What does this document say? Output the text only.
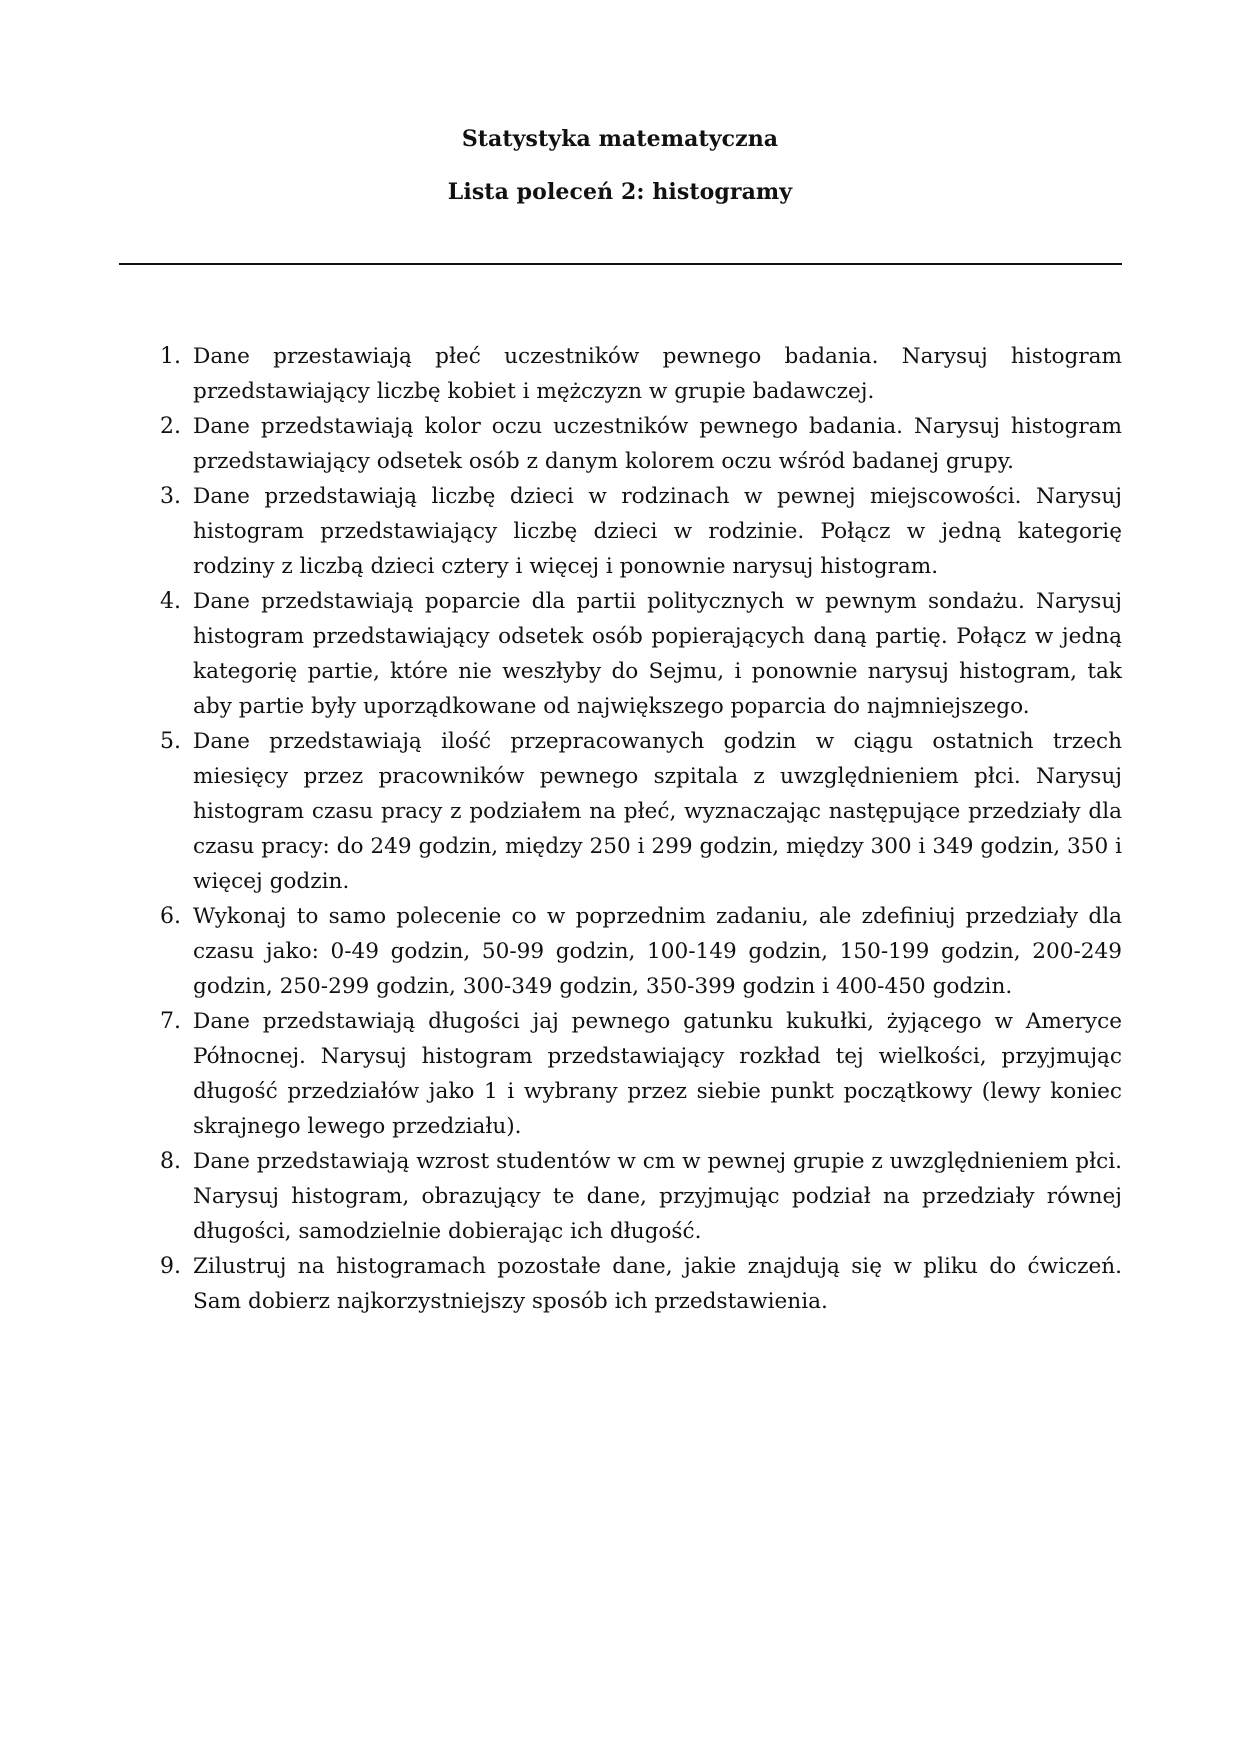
Statystyka matematyczna
Lista poleceń 2: histogramy
1. Dane przestawiają płeć uczestników pewnego badania. Narysuj histogram przedstawiający liczbę kobiet i mężczyzn w grupie badawczej.
2. Dane przedstawiają kolor oczu uczestników pewnego badania. Narysuj histogram przedstawiający odsetek osób z danym kolorem oczu wśród badanej grupy.
3. Dane przedstawiają liczbę dzieci w rodzinach w pewnej miejscowości. Narysuj histogram przedstawiający liczbę dzieci w rodzinie. Połącz w jedną kategorię rodziny z liczbą dzieci cztery i więcej i ponownie narysuj histogram.
4. Dane przedstawiają poparcie dla partii politycznych w pewnym sondażu. Narysuj histogram przedstawiający odsetek osób popierających daną partię. Połącz w jedną kategorię partie, które nie weszłyby do Sejmu, i ponownie narysuj histogram, tak aby partie były uporządkowane od największego poparcia do najmniejszego.
5. Dane przedstawiają ilość przepracowanych godzin w ciągu ostatnich trzech miesięcy przez pracowników pewnego szpitala z uwzględnieniem płci. Narysuj histogram czasu pracy z podziałem na płeć, wyznaczając następujące przedziały dla czasu pracy: do 249 godzin, między 250 i 299 godzin, między 300 i 349 godzin, 350 i więcej godzin.
6. Wykonaj to samo polecenie co w poprzednim zadaniu, ale zdefiniuj przedziały dla czasu jako: 0-49 godzin, 50-99 godzin, 100-149 godzin, 150-199 godzin, 200-249 godzin, 250-299 godzin, 300-349 godzin, 350-399 godzin i 400-450 godzin.
7. Dane przedstawiają długości jaj pewnego gatunku kukułki, żyjącego w Ameryce Północnej. Narysuj histogram przedstawiający rozkład tej wielkości, przyjmując długość przedziałów jako 1 i wybrany przez siebie punkt początkowy (lewy koniec skrajnego lewego przedziału).
8. Dane przedstawiają wzrost studentów w cm w pewnej grupie z uwzględnieniem płci. Narysuj histogram, obrazujący te dane, przyjmując podział na przedziały równej długości, samodzielnie dobierając ich długość.
9. Zilustruj na histogramach pozostałe dane, jakie znajdują się w pliku do ćwiczeń. Sam dobierz najkorzystniejszy sposób ich przedstawienia.
